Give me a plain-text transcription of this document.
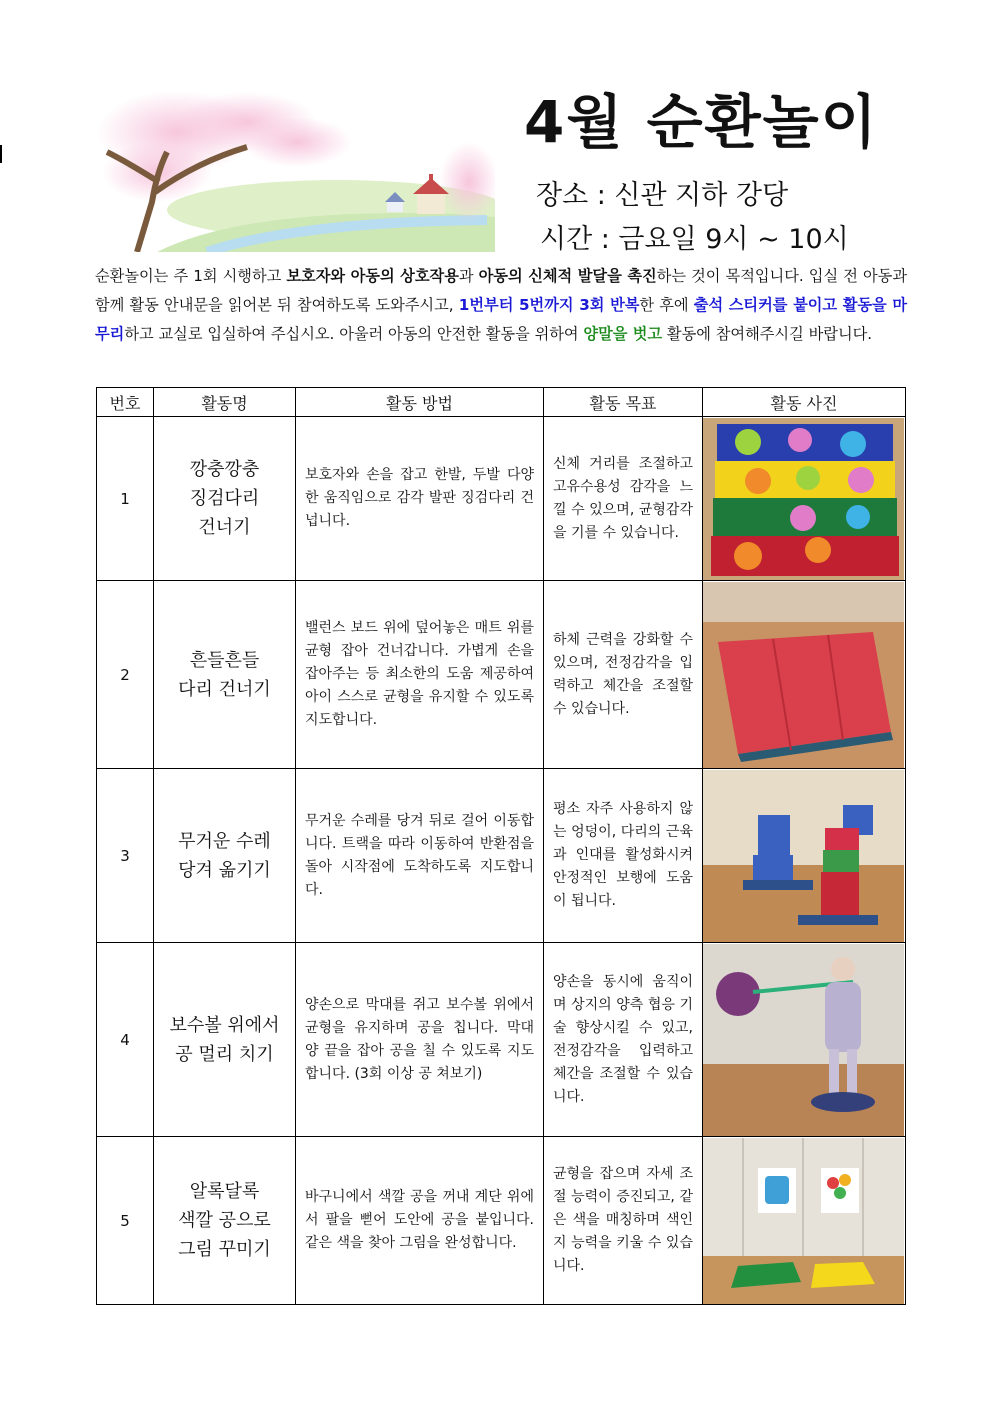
4월 순환놀이
장소 : 신관 지하 강당
시간 : 금요일 9시 ~ 10시
순환놀이는 주 1회 시행하고 보호자와 아동의 상호작용과 아동의 신체적 발달을 촉진하는 것이 목적입니다. 입실 전 아동과 함께 활동 안내문을 읽어본 뒤 참여하도록 도와주시고, 1번부터 5번까지 3회 반복한 후에 출석 스티커를 붙이고 활동을 마무리하고 교실로 입실하여 주십시오. 아울러 아동의 안전한 활동을 위하여 양말을 벗고 활동에 참여해주시길 바랍니다.
번호	활동명	활동 방법	활동 목표	활동 사진
1	깡충깡충
징검다리
건너기	보호자와 손을 잡고 한발, 두발 다양한 움직임으로 감각 발판 징검다리 건넙니다.	신체 거리를 조절하고 고유수용성 감각을 느낄 수 있으며, 균형감각을 기를 수 있습니다.

2	흔들흔들
다리 건너기	밸런스 보드 위에 덮어놓은 매트 위를 균형 잡아 건너갑니다. 가볍게 손을 잡아주는 등 최소한의 도움 제공하여 아이 스스로 균형을 유지할 수 있도록 지도합니다.	하체 근력을 강화할 수 있으며, 전정감각을 입력하고 체간을 조절할 수 있습니다.

3	무거운 수레
당겨 옮기기	무거운 수레를 당겨 뒤로 걸어 이동합니다. 트랙을 따라 이동하여 반환점을 돌아 시작점에 도착하도록 지도합니다.	평소 자주 사용하지 않는 엉덩이, 다리의 근육과 인대를 활성화시켜 안정적인 보행에 도움이 됩니다.

4	보수볼 위에서
공 멀리 치기	양손으로 막대를 쥐고 보수볼 위에서 균형을 유지하며 공을 칩니다. 막대 양 끝을 잡아 공을 칠 수 있도록 지도합니다. (3회 이상 공 쳐보기)	양손을 동시에 움직이며 상지의 양측 협응 기술 향상시킬 수 있고, 전정감각을 입력하고 체간을 조절할 수 있습니다.

5	알록달록
색깔 공으로
그림 꾸미기	바구니에서 색깔 공을 꺼내 계단 위에서 팔을 뻗어 도안에 공을 붙입니다. 같은 색을 찾아 그림을 완성합니다.	균형을 잡으며 자세 조절 능력이 증진되고, 같은 색을 매칭하며 색인지 능력을 키울 수 있습니다.
